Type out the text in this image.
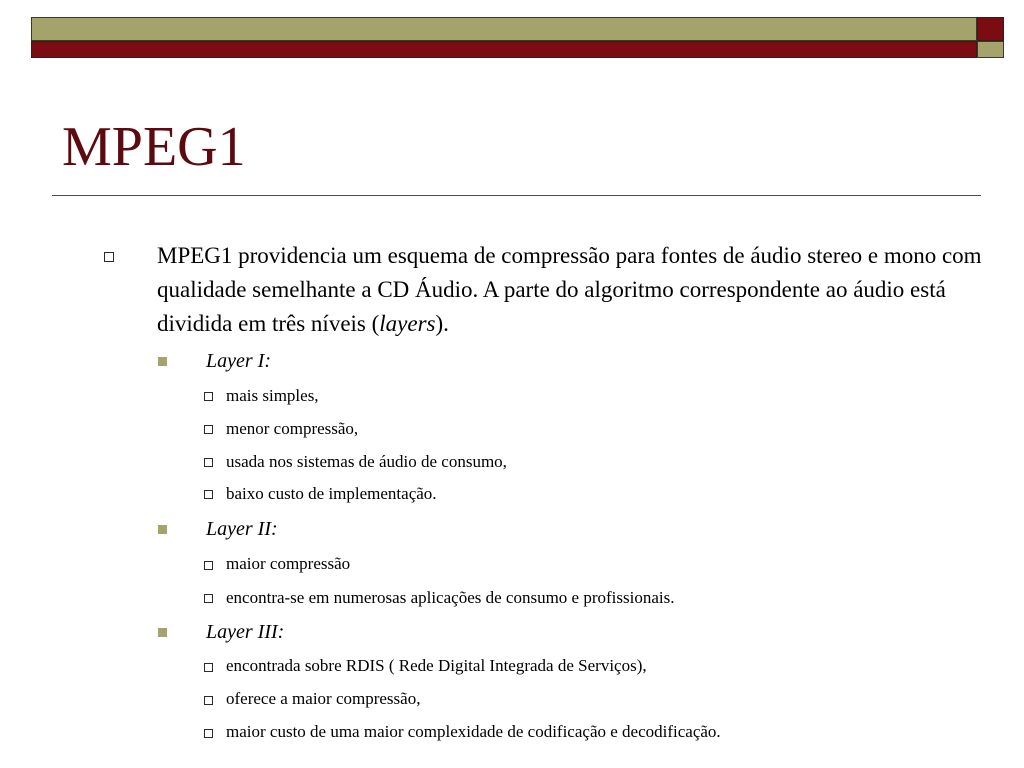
MPEG1
MPEG1 providencia um esquema de compressão para fontes de áudio stereo e mono com qualidade semelhante a CD Áudio. A parte do algoritmo correspondente ao áudio está dividida em três níveis (layers).
Layer I:
mais simples,
menor compressão,
usada nos sistemas de áudio de consumo,
baixo custo de implementação.
Layer II:
maior compressão
encontra-se em numerosas aplicações de consumo e profissionais.
Layer III:
encontrada sobre RDIS ( Rede Digital Integrada de Serviços),
oferece a maior compressão,
maior custo de uma maior complexidade de codificação e decodificação.
